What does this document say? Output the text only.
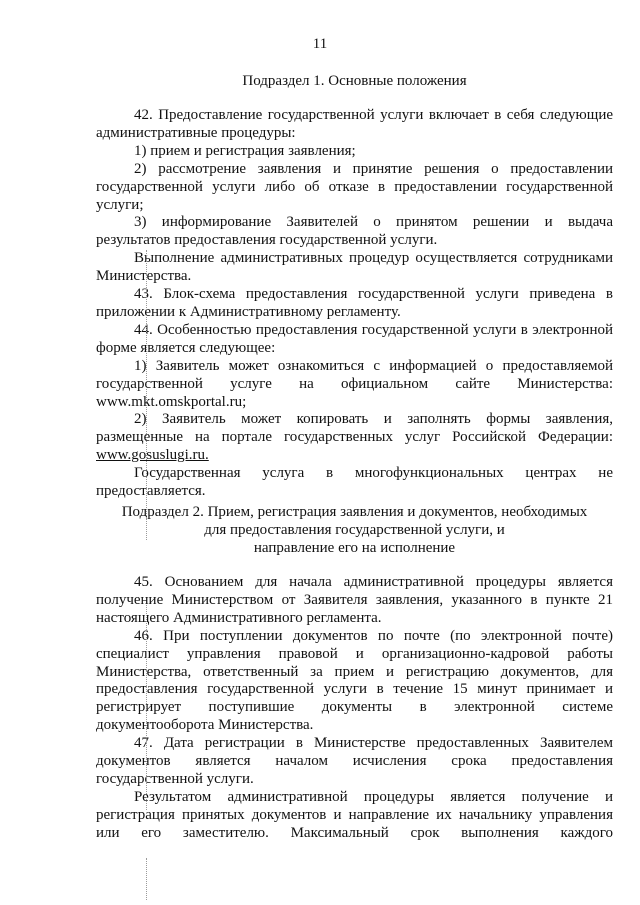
11
Подраздел 1. Основные положения
42. Предоставление государственной услуги включает в себя следующие
административные процедуры:
1) прием и регистрация заявления;
2) рассмотрение заявления и принятие решения о предоставлении
государственной услуги либо об отказе в предоставлении государственной
услуги;
3) информирование Заявителей о принятом решении и выдача
результатов предоставления государственной услуги.
Выполнение административных процедур осуществляется сотрудниками
Министерства.
43. Блок-схема предоставления государственной услуги приведена в
приложении к Административному регламенту.
44. Особенностью предоставления государственной услуги в электронной
форме является следующее:
1) Заявитель может ознакомиться с информацией о предоставляемой
государственной услуге на официальном сайте Министерства:
www.mkt.omskportal.ru;
2) Заявитель может копировать и заполнять формы заявления,
размещенные на портале государственных услуг Российской Федерации:
www.gosuslugi.ru.
Государственная услуга в многофункциональных центрах не
предоставляется.
Подраздел 2. Прием, регистрация заявления и документов, необходимых
для предоставления государственной услуги, и
направление его на исполнение
45. Основанием для начала административной процедуры является
получение Министерством от Заявителя заявления, указанного в пункте 21
настоящего Административного регламента.
46. При поступлении документов по почте (по электронной почте)
специалист управления правовой и организационно-кадровой работы
Министерства, ответственный за прием и регистрацию документов, для
предоставления государственной услуги в течение 15 минут принимает и
регистрирует поступившие документы в электронной системе
документооборота Министерства.
47. Дата регистрации в Министерстве предоставленных Заявителем
документов является началом исчисления срока предоставления
государственной услуги.
Результатом административной процедуры является получение и
регистрация принятых документов и направление их начальнику управления
или его заместителю. Максимальный срок выполнения каждого
